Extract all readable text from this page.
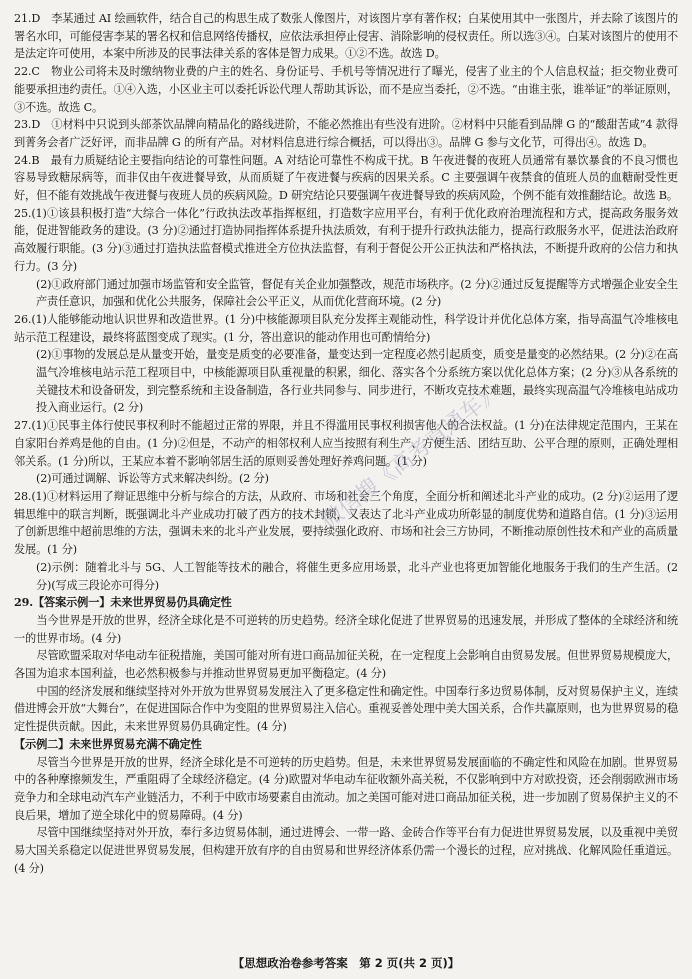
21.D　李某通过 AI 绘画软件，结合自己的构思生成了数张人像图片，对该图片享有著作权；白某使用其中一张图片，并去除了该图片的署名水印，可能侵害李某的署名权和信息网络传播权，应依法承担停止侵害、消除影响的侵权责任。所以选③④。白某对该图片的使用不是法定许可使用，本案中所涉及的民事法律关系的客体是智力成果。①②不选。故选 D。

22.C　物业公司将未及时缴纳物业费的户主的姓名、身份证号、手机号等情况进行了曝光，侵害了业主的个人信息权益；拒交物业费可能要承担违约责任。①④入选，小区业主可以委托诉讼代理人帮助其诉讼，而不是应当委托，②不选。“由谁主张，谁举证”的举证原则，③不选。故选 C。

23.D　①材料中只说到头部茶饮品牌向精品化的路线进阶，不能必然推出有些没有进阶。②材料中只能看到品牌 G 的“酸甜苦咸”4 款得到菁务会者广泛好评，而非品牌 G 的所有产品。对材料信息进行综合概括，可以得出③。品牌 G 参与文化节，可得出④。故选 D。

24.B　最有力质疑结论主要指向结论的可靠性问题。A 对结论可靠性不构成干扰。B 午夜进餐的夜班人员通常有暴饮暴食的不良习惯也容易导致糖尿病等，而非仅由午夜进餐导致，从而质疑了午夜进餐与疾病的因果关系。C 主要强调午夜禁食的值班人员的血糖耐受性更好，但不能有效挑战午夜进餐与夜班人员的疾病风险。D 研究结论只要强调午夜进餐导致的疾病风险，个例不能有效推翻结论。故选 B。

25.(1)①该县积极打造“大综合一体化”行政执法改革指挥枢纽，打造数字应用平台，有利于优化政府治理流程和方式，提高政务服务效能，促进智能政务的建设。(3 分)②通过打造协同指挥体系提升执法质效，有利于提升行政执法能力，提高行政服务水平，促进法治政府高效履行职能。(3 分)③通过打造执法监督模式推进全方位执法监督，有利于督促公开公正执法和严格执法，不断提升政府的公信力和执行力。(3 分)

(2)①政府部门通过加强市场监管和安全监管，督促有关企业加强整改，规范市场秩序。(2 分)②通过反复提醒等方式增强企业安全生产责任意识，加强和优化公共服务，保障社会公平正义，从而优化营商环境。(2 分)

26.(1)人能够能动地认识世界和改造世界。(1 分)中核能源项目队充分发挥主观能动性，科学设计并优化总体方案，指导高温气冷堆核电站示范工程建设，最终将蓝图变成了现实。(1 分，答出意识的能动作用也可酌情给分)

(2)①事物的发展总是从量变开始，量变是质变的必要准备，量变达到一定程度必然引起质变，质变是量变的必然结果。(2 分)②在高温气冷堆核电站示范工程项目中，中核能源项目队重视量的积累，细化、落实各个分系统方案以优化总体方案；(2 分)③从各系统的关键技术和设备研发，到完整系统和主设备制造，各行业共同参与、同步进行，不断攻克技术难题，最终实现高温气冷堆核电站成功投入商业运行。(2 分)

27.(1)①民事主体行使民事权利时不能超过正常的界限，并且不得滥用民事权利损害他人的合法权益。(1 分)在法律规定范围内，王某在自家阳台养鸡是他的自由。(1 分)②但是，不动产的相邻权利人应当按照有利生产、方便生活、团结互助、公平合理的原则，正确处理相邻关系。(1 分)所以，王某应本着不影响邻居生活的原则妥善处理好养鸡问题。(1 分)

(2)可通过调解、诉讼等方式来解决纠纷。(2 分)

28.(1)①材料运用了辩证思维中分析与综合的方法，从政府、市场和社会三个角度，全面分析和阐述北斗产业的成功。(2 分)②运用了逻辑思维中的联言判断，既强调北斗产业成功打破了西方的技术封锁，又表达了北斗产业成功所彰显的制度优势和道路自信。(1 分)③运用了创新思维中超前思维的方法，强调未来的北斗产业发展，要持续强化政府、市场和社会三方协同，不断推动原创性技术和产业的高质量发展。(1 分)

(2)示例：随着北斗与 5G、人工智能等技术的融合，将催生更多应用场景，北斗产业也将更加智能化地服务于我们的生产生活。(2 分)(写成三段论亦可得分)

29.【答案示例一】未来世界贸易仍具确定性

当今世界是开放的世界，经济全球化是不可逆转的历史趋势。经济全球化促进了世界贸易的迅速发展，并形成了整体的全球经济和统一的世界市场。(4 分)

尽管欧盟采取对华电动车征税措施，美国可能对所有进口商品加征关税，在一定程度上会影响自由贸易发展。但世界贸易规模庞大，各国为追求本国利益，也必然积极参与并推动世界贸易更加平衡稳定。(4 分)

中国的经济发展和继续坚持对外开放为世界贸易发展注入了更多稳定性和确定性。中国奉行多边贸易体制，反对贸易保护主义，连续借进博会开放“大舞台”，在促进国际合作中为变阻的世界贸易注入信心。重视妥善处理中美大国关系，合作共赢原则，也为世界贸易的稳定性提供贡献。因此，未来世界贸易仍具确定性。(4 分)

【示例二】未来世界贸易充满不确定性

尽管当今世界是开放的世界，经济全球化是不可逆转的历史趋势。但是，未来世界贸易发展面临的不确定性和风险在加剧。世界贸易中的各种摩擦频发生，严重阻碍了全球经济稳定。(4 分)欧盟对华电动车征收额外高关税，不仅影响到中方对欧投资，还会削弱欧洲市场竞争力和全球电动汽车产业链活力，不利于中欧市场要素自由流动。加之美国可能对进口商品加征关税，进一步加剧了贸易保护主义的不良后果，增加了逆全球化中的贸易障碍。(4 分)

尽管中国继续坚持对外开放，奉行多边贸易体制，通过进博会、一带一路、金砖合作等平台有力促进世界贸易发展，以及重视中美贸易大国关系稳定以促进世界贸易发展，但构建开放有序的自由贸易和世界经济体系仍需一个漫长的过程，应对挑战、化解风险任重道远。(4 分)

微信搜《高考直通车》
【思想政治卷参考答案　第 2 页(共 2 页)】
